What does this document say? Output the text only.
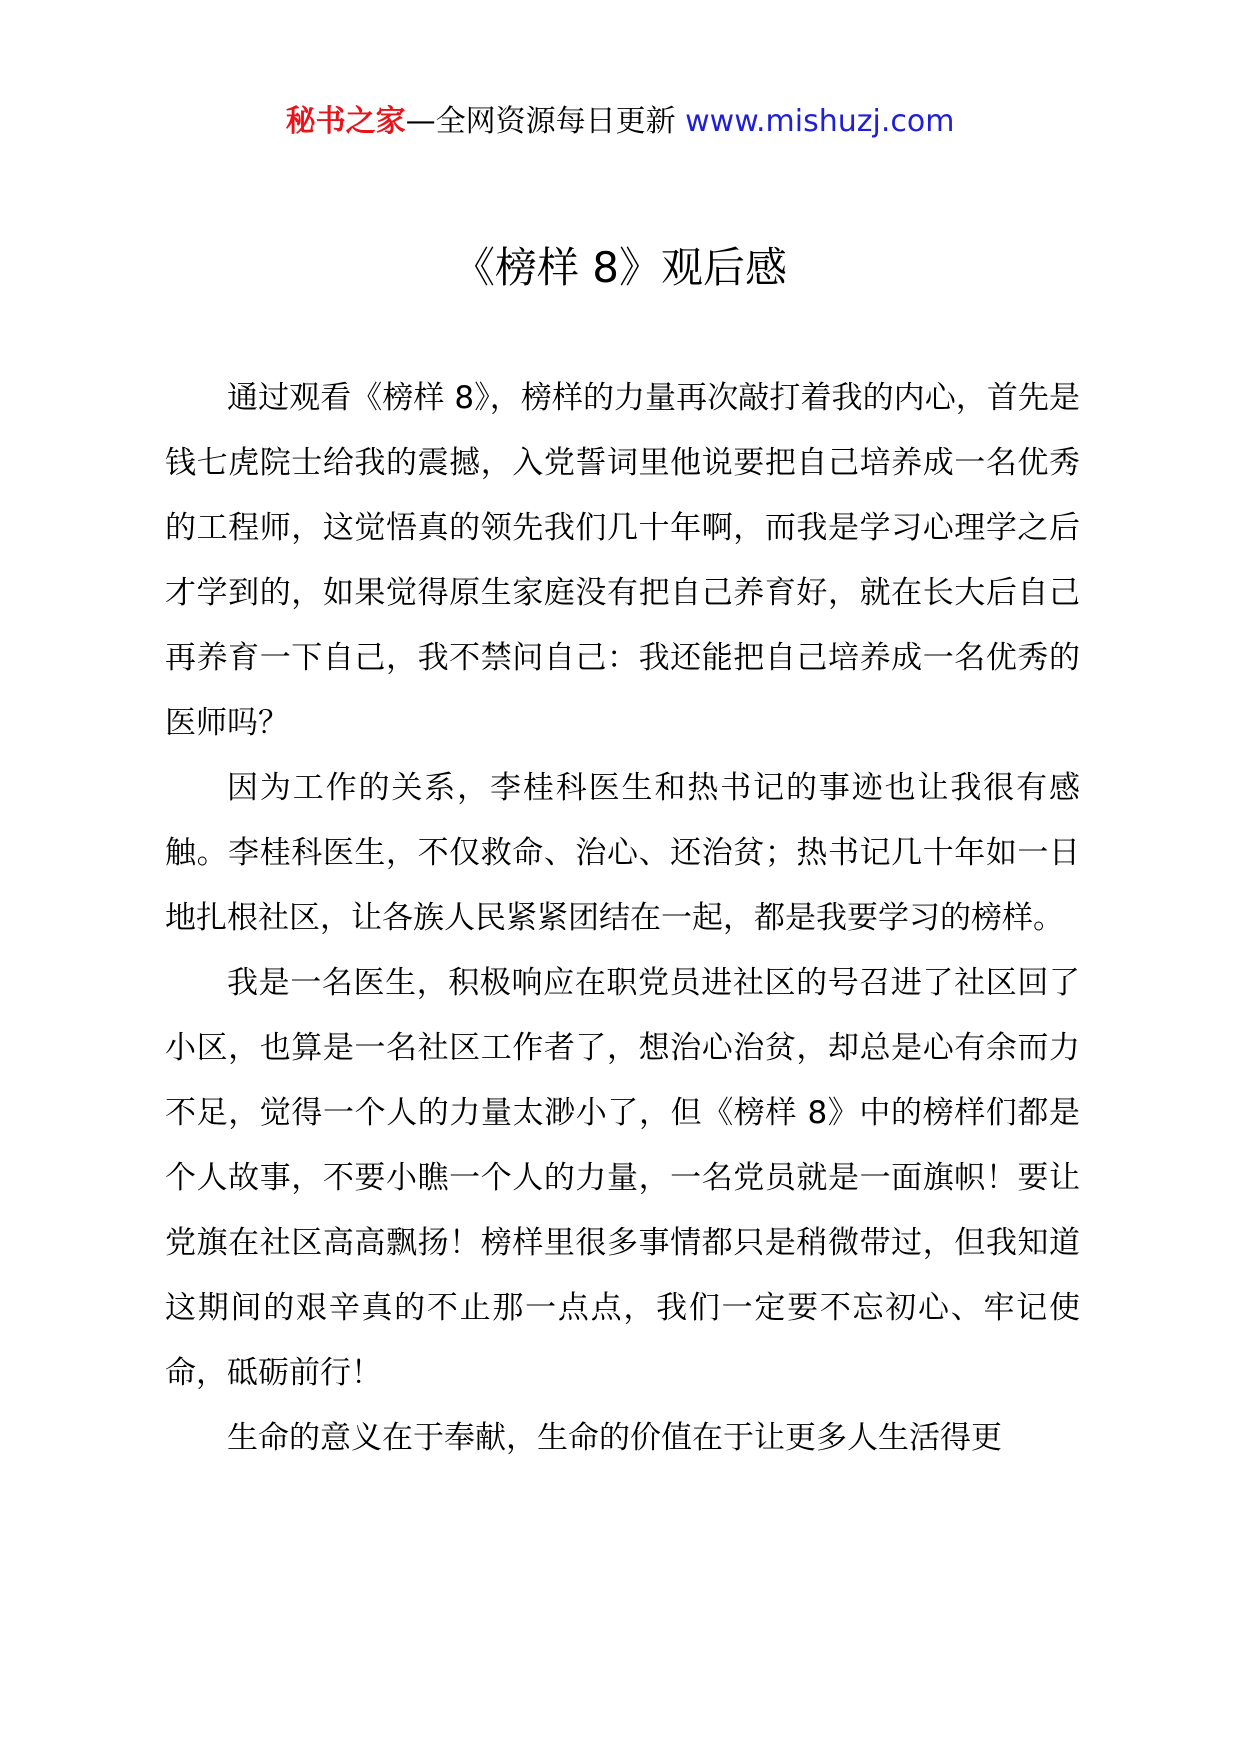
秘书之家—全网资源每日更新 www.mishuzj.com
《榜样 8》观后感

通过观看《榜样 8》，榜样的力量再次敲打着我的内心，首先是钱七虎院士给我的震撼，入党誓词里他说要把自己培养成一名优秀的工程师，这觉悟真的领先我们几十年啊，而我是学习心理学之后才学到的，如果觉得原生家庭没有把自己养育好，就在长大后自己再养育一下自己，我不禁问自己：我还能把自己培养成一名优秀的医师吗？

因为工作的关系，李桂科医生和热书记的事迹也让我很有感触。李桂科医生，不仅救命、治心、还治贫；热书记几十年如一日地扎根社区，让各族人民紧紧团结在一起，都是我要学习的榜样。

我是一名医生，积极响应在职党员进社区的号召进了社区回了小区，也算是一名社区工作者了，想治心治贫，却总是心有余而力不足，觉得一个人的力量太渺小了，但《榜样 8》中的榜样们都是个人故事，不要小瞧一个人的力量，一名党员就是一面旗帜！要让党旗在社区高高飘扬！榜样里很多事情都只是稍微带过，但我知道这期间的艰辛真的不止那一点点，我们一定要不忘初心、牢记使命，砥砺前行！

生命的意义在于奉献，生命的价值在于让更多人生活得更
